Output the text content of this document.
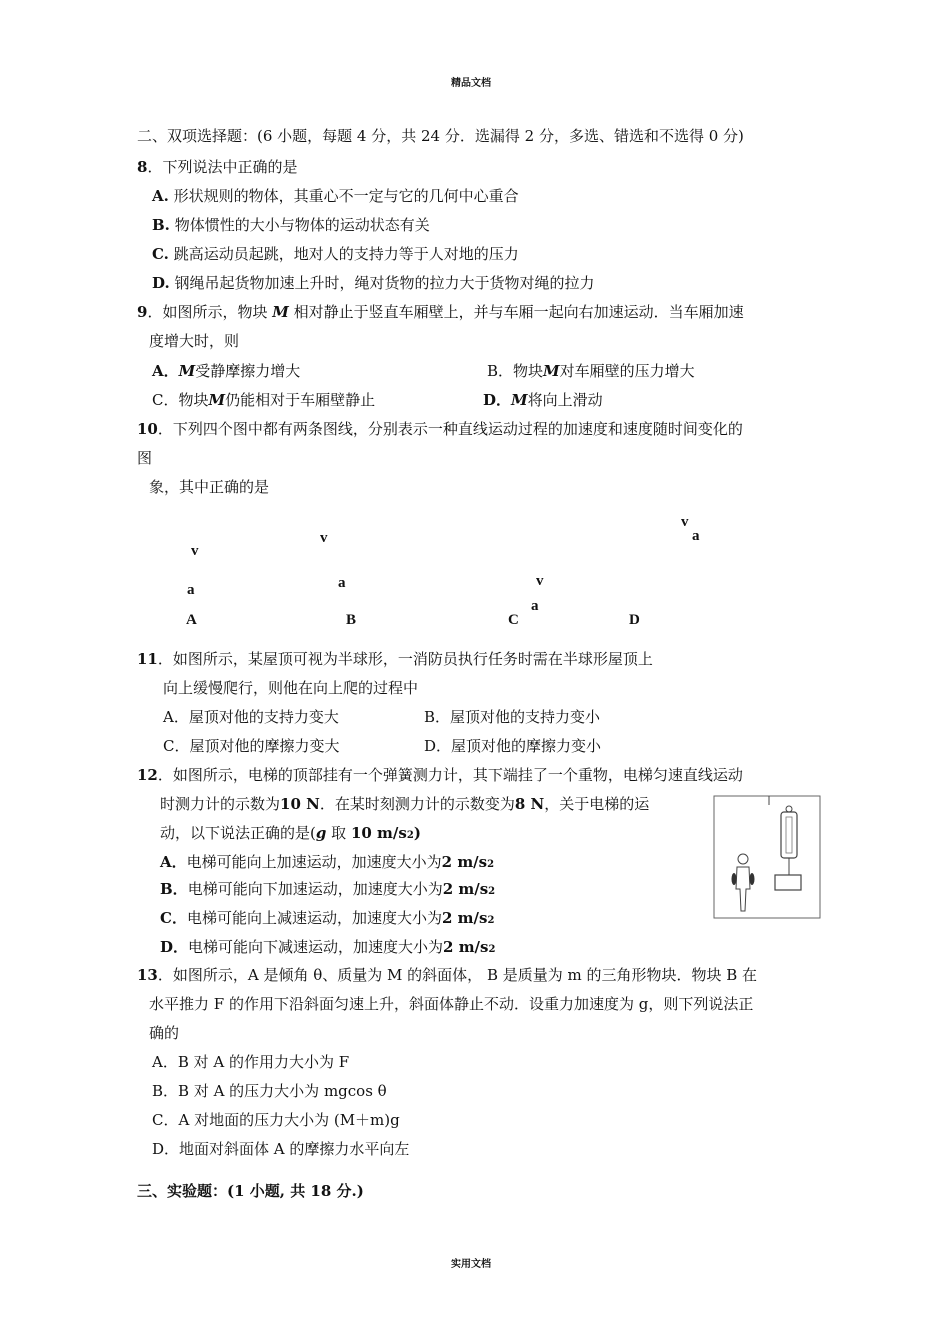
精品文档
二、双项选择题：(6 小题，每题 4 分，共 24 分．选漏得 2 分，多选、错选和不选得 0 分)
8．下列说法中正确的是
A. 形状规则的物体，其重心不一定与它的几何中心重合
B. 物体惯性的大小与物体的运动状态有关
C. 跳高运动员起跳，地对人的支持力等于人对地的压力
D. 钢绳吊起货物加速上升时，绳对货物的拉力大于货物对绳的拉力
9．如图所示，物块 M 相对静止于竖直车厢壁上，并与车厢一起向右加速运动．当车厢加速
度增大时，则
A．M受静摩擦力增大	B．物块M对车厢壁的压力增大
C．物块M仍能相对于车厢壁静止	D．M将向上滑动
10．下列四个图中都有两条图线，分别表示一种直线运动过程的加速度和速度随时间变化的
图
象，其中正确的是
v
a
A
v
a
B
v
a
C
v
a
D
11．如图所示，某屋顶可视为半球形，一消防员执行任务时需在半球形屋顶上
向上缓慢爬行，则他在向上爬的过程中
A．屋顶对他的支持力变大	B．屋顶对他的支持力变小
C．屋顶对他的摩擦力变大	D．屋顶对他的摩擦力变小
12．如图所示，电梯的顶部挂有一个弹簧测力计，其下端挂了一个重物，电梯匀速直线运动
时测力计的示数为10 N．在某时刻测力计的示数变为8 N，关于电梯的运
动，以下说法正确的是(g 取 10 m/s2)
A．电梯可能向上加速运动，加速度大小为2 m/s2
B．电梯可能向下加速运动，加速度大小为2 m/s2
C．电梯可能向上减速运动，加速度大小为2 m/s2
D．电梯可能向下减速运动，加速度大小为2 m/s2
13．如图所示，A 是倾角 θ、质量为 M 的斜面体， B 是质量为 m 的三角形物块．物块 B 在
水平推力 F 的作用下沿斜面匀速上升，斜面体静止不动．设重力加速度为 g，则下列说法正
确的
A．B 对 A 的作用力大小为 F
B．B 对 A 的压力大小为 mgcos θ
C．A 对地面的压力大小为 (M＋m)g
D．地面对斜面体 A 的摩擦力水平向左
三、实验题：(1 小题, 共 18 分.)
实用文档
